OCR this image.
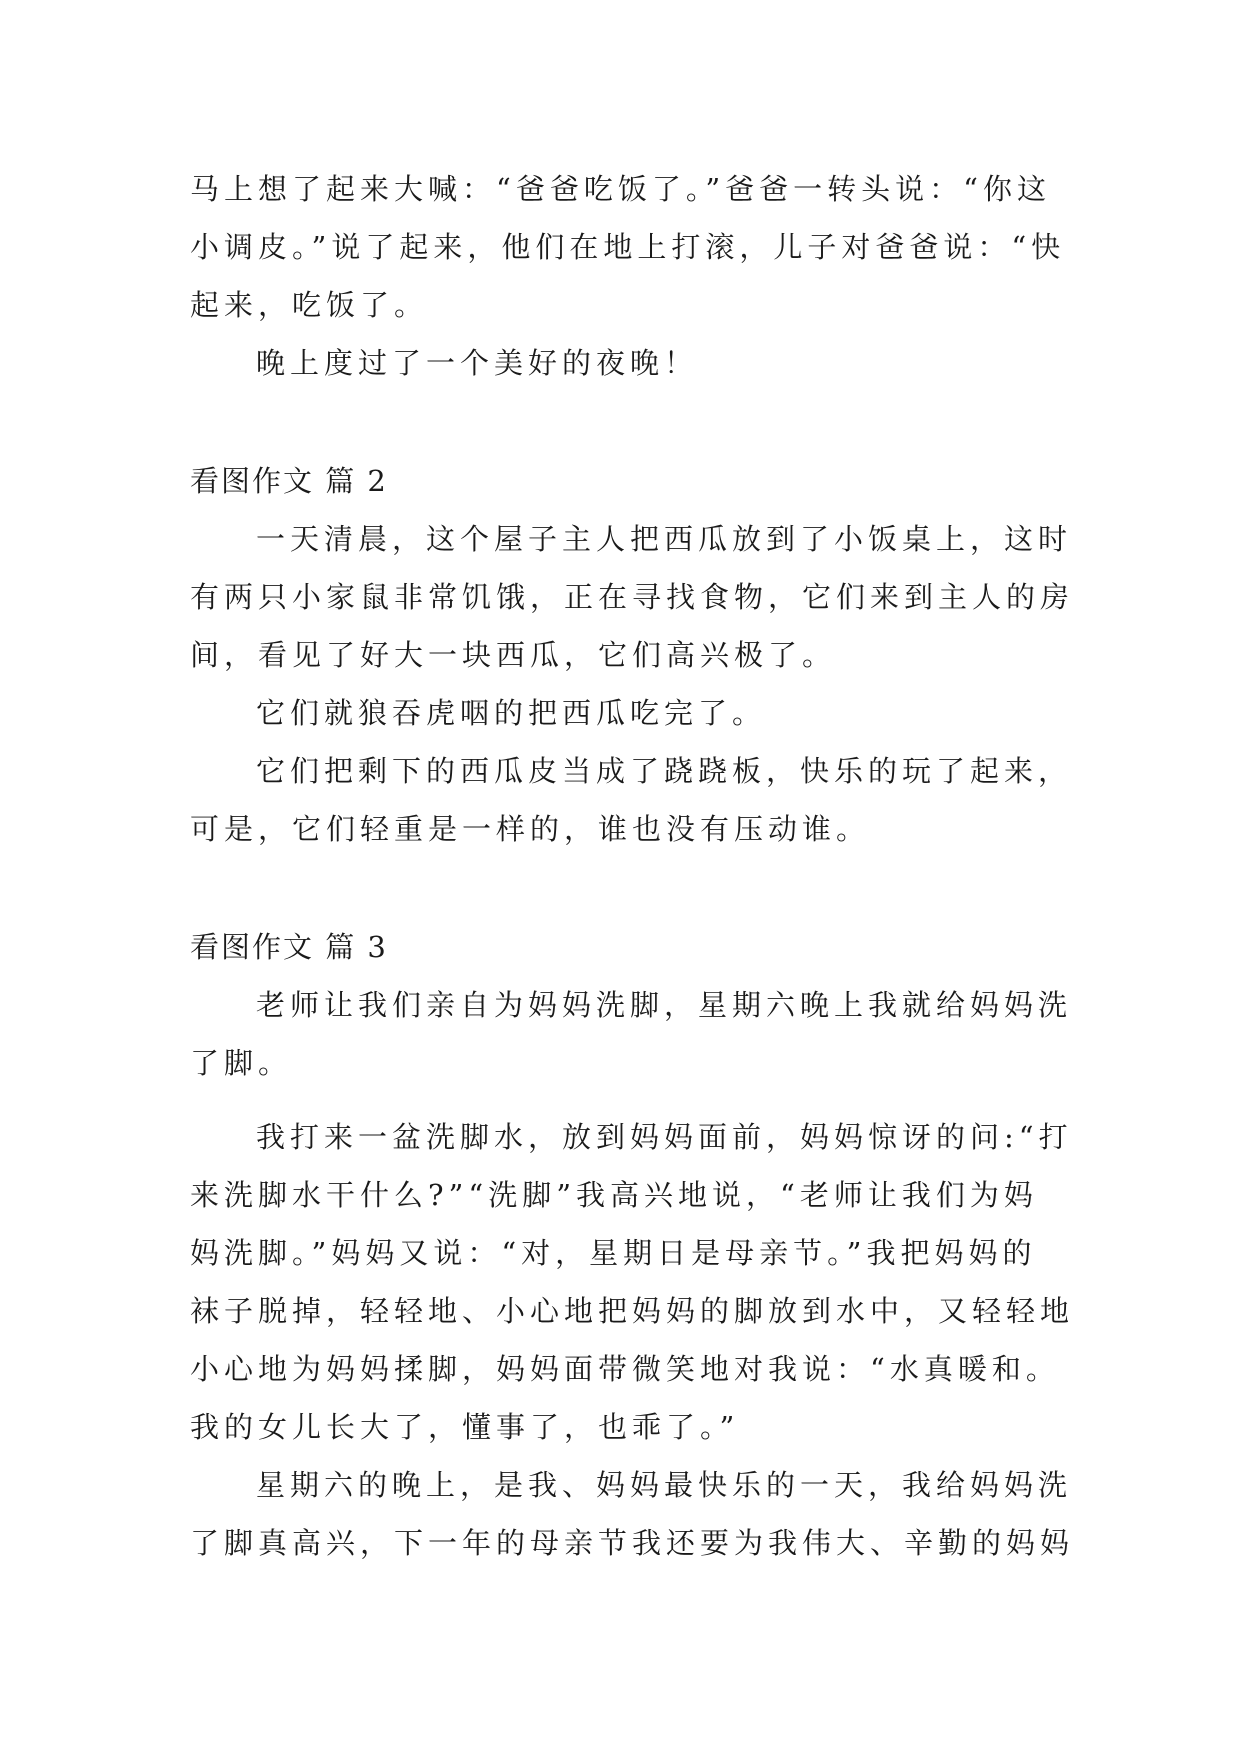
马上想了起来大喊：“爸爸吃饭了。”爸爸一转头说：“你这
小调皮。”说了起来，他们在地上打滚，儿子对爸爸说：“快
起来，吃饭了。
晚上度过了一个美好的夜晚！
看图作文 篇 2
一天清晨，这个屋子主人把西瓜放到了小饭桌上，这时
有两只小家鼠非常饥饿，正在寻找食物，它们来到主人的房
间，看见了好大一块西瓜，它们高兴极了。
它们就狼吞虎咽的把西瓜吃完了。
它们把剩下的西瓜皮当成了跷跷板，快乐的玩了起来，
可是，它们轻重是一样的，谁也没有压动谁。
看图作文 篇 3
老师让我们亲自为妈妈洗脚，星期六晚上我就给妈妈洗
了脚。
我打来一盆洗脚水，放到妈妈面前，妈妈惊讶的问:“打
来洗脚水干什么?”“洗脚”我高兴地说，“老师让我们为妈
妈洗脚。”妈妈又说：“对，星期日是母亲节。”我把妈妈的
袜子脱掉，轻轻地、小心地把妈妈的脚放到水中，又轻轻地
小心地为妈妈揉脚，妈妈面带微笑地对我说：“水真暖和。
我的女儿长大了，懂事了，也乖了。”
星期六的晚上，是我、妈妈最快乐的一天，我给妈妈洗
了脚真高兴，下一年的母亲节我还要为我伟大、辛勤的妈妈
